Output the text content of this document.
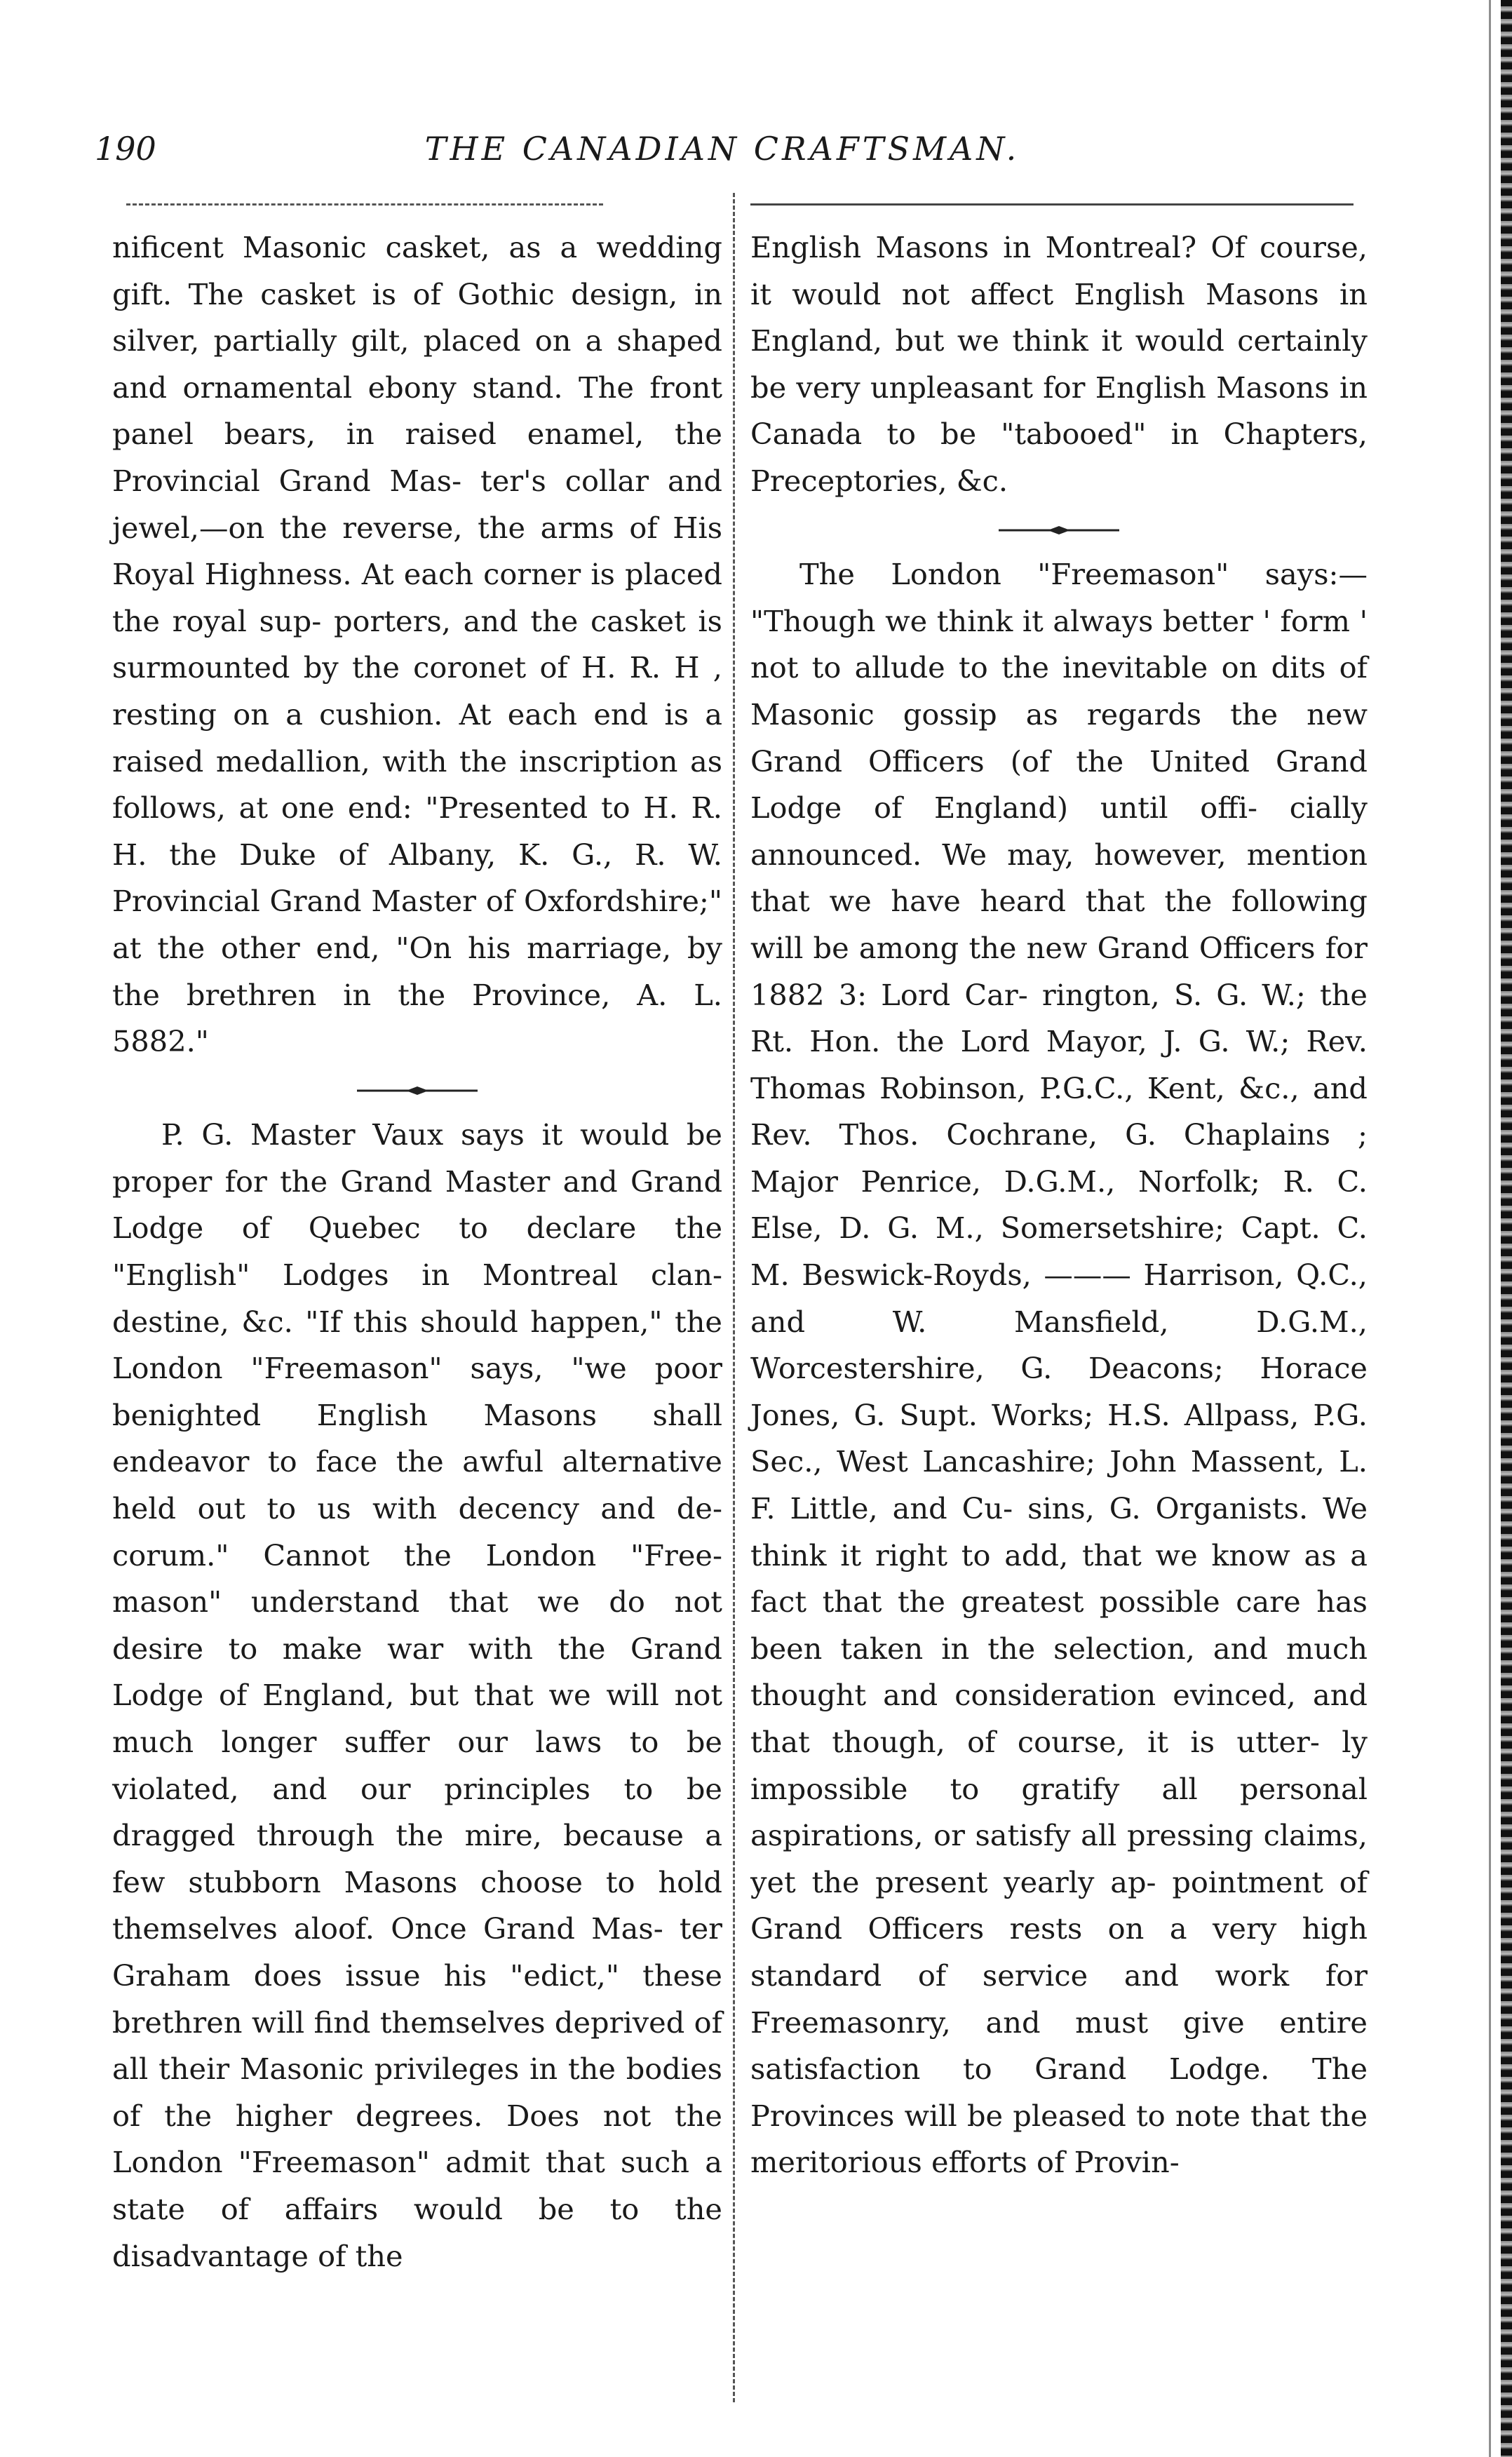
190	THE CANADIAN CRAFTSMAN.

nificent Masonic casket, as a wedding gift. The casket is of Gothic design, in silver, partially gilt, placed on a shaped and ornamental ebony stand. The front panel bears, in raised enamel, the Provincial Grand Mas- ter's collar and jewel,—on the reverse, the arms of His Royal Highness. At each corner is placed the royal sup- porters, and the casket is surmounted by the coronet of H. R. H , resting on a cushion. At each end is a raised medallion, with the inscription as follows, at one end: "Presented to H. R. H. the Duke of Albany, K. G., R. W. Provincial Grand Master of Oxfordshire;" at the other end, "On his marriage, by the brethren in the Province, A. L. 5882."

P. G. Master Vaux says it would be proper for the Grand Master and Grand Lodge of Quebec to declare the "English" Lodges in Montreal clan- destine, &c. "If this should happen," the London "Freemason" says, "we poor benighted English Masons shall endeavor to face the awful alternative held out to us with decency and de- corum." Cannot the London "Free- mason" understand that we do not desire to make war with the Grand Lodge of England, but that we will not much longer suffer our laws to be violated, and our principles to be dragged through the mire, because a few stubborn Masons choose to hold themselves aloof. Once Grand Mas- ter Graham does issue his "edict," these brethren will find themselves deprived of all their Masonic privileges in the bodies of the higher degrees. Does not the London "Freemason" admit that such a state of affairs would be to the disadvantage of the

English Masons in Montreal? Of course, it would not affect English Masons in England, but we think it would certainly be very unpleasant for English Masons in Canada to be "tabooed" in Chapters, Preceptories, &c.

The London "Freemason" says:— "Though we think it always better ' form ' not to allude to the inevitable on dits of Masonic gossip as regards the new Grand Officers (of the United Grand Lodge of England) until offi- cially announced. We may, however, mention that we have heard that the following will be among the new Grand Officers for 1882 3: Lord Car- rington, S. G. W.; the Rt. Hon. the Lord Mayor, J. G. W.; Rev. Thomas Robinson, P.G.C., Kent, &c., and Rev. Thos. Cochrane, G. Chaplains ; Major Penrice, D.G.M., Norfolk; R. C. Else, D. G. M., Somersetshire; Capt. C. M. Beswick-Royds, ——— Harrison, Q.C., and W. Mansfield,	D.G.M., Worcestershire, G. Deacons; Horace Jones, G. Supt. Works; H.S. Allpass, P.G. Sec., West Lancashire; John Massent, L. F. Little, and Cu- sins, G. Organists. We think it right to add, that we know as a fact that the greatest possible care has been taken in the selection, and much thought and consideration evinced, and that though, of course, it is utter- ly impossible to gratify all personal aspirations, or satisfy all pressing claims, yet the present yearly ap- pointment of Grand Officers rests on a very high standard of service and work for Freemasonry, and must give entire satisfaction to Grand Lodge. The Provinces will be pleased to note that the meritorious efforts of Provin-
